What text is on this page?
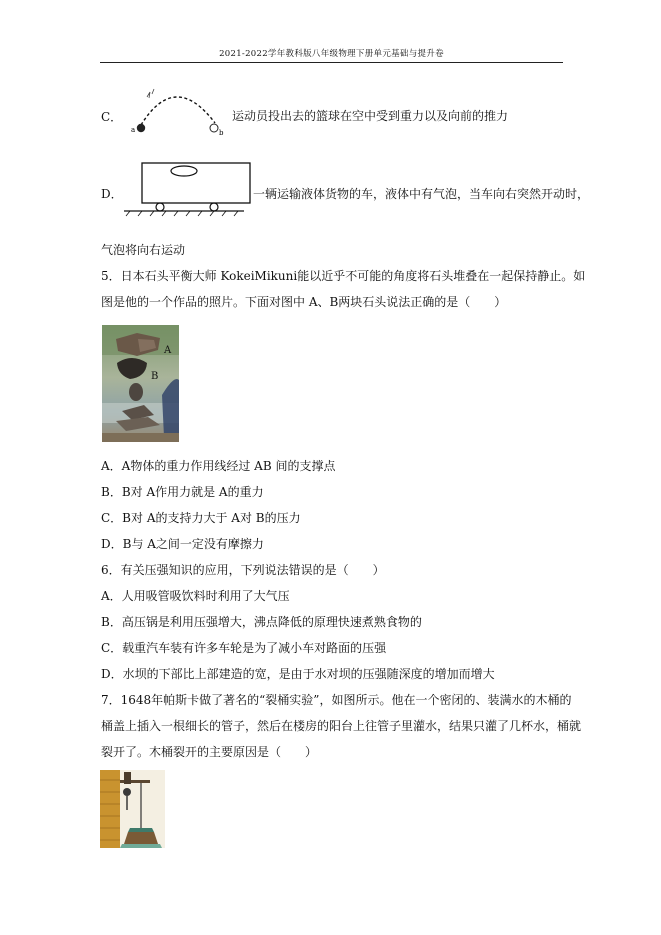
2021-2022学年教科版八年级物理下册单元基础与提升卷
C．
a	b
运动员投出去的篮球在空中受到重力以及向前的推力
D．	一辆运输液体货物的车，液体中有气泡，当车向右突然开动时，
气泡将向右运动
5．日本石头平衡大师 KokeiMikuni能以近乎不可能的角度将石头堆叠在一起保持静止。如
图是他的一个作品的照片。下面对图中 A、B两块石头说法正确的是（　　）
A
B
A．A物体的重力作用线经过 AB 间的支撑点
B．B对 A作用力就是 A的重力
C．B对 A的支持力大于 A对 B的压力
D．B与 A之间一定没有摩擦力
6．有关压强知识的应用，下列说法错误的是（　　）
A．人用吸管吸饮料时利用了大气压
B．高压锅是利用压强增大，沸点降低的原理快速煮熟食物的
C．载重汽车装有许多车轮是为了减小车对路面的压强
D．水坝的下部比上部建造的宽，是由于水对坝的压强随深度的增加而增大
7．1648年帕斯卡做了著名的“裂桶实验”，如图所示。他在一个密闭的、装满水的木桶的
桶盖上插入一根细长的管子，然后在楼房的阳台上往管子里灌水，结果只灌了几杯水，桶就
裂开了。木桶裂开的主要原因是（　　）
